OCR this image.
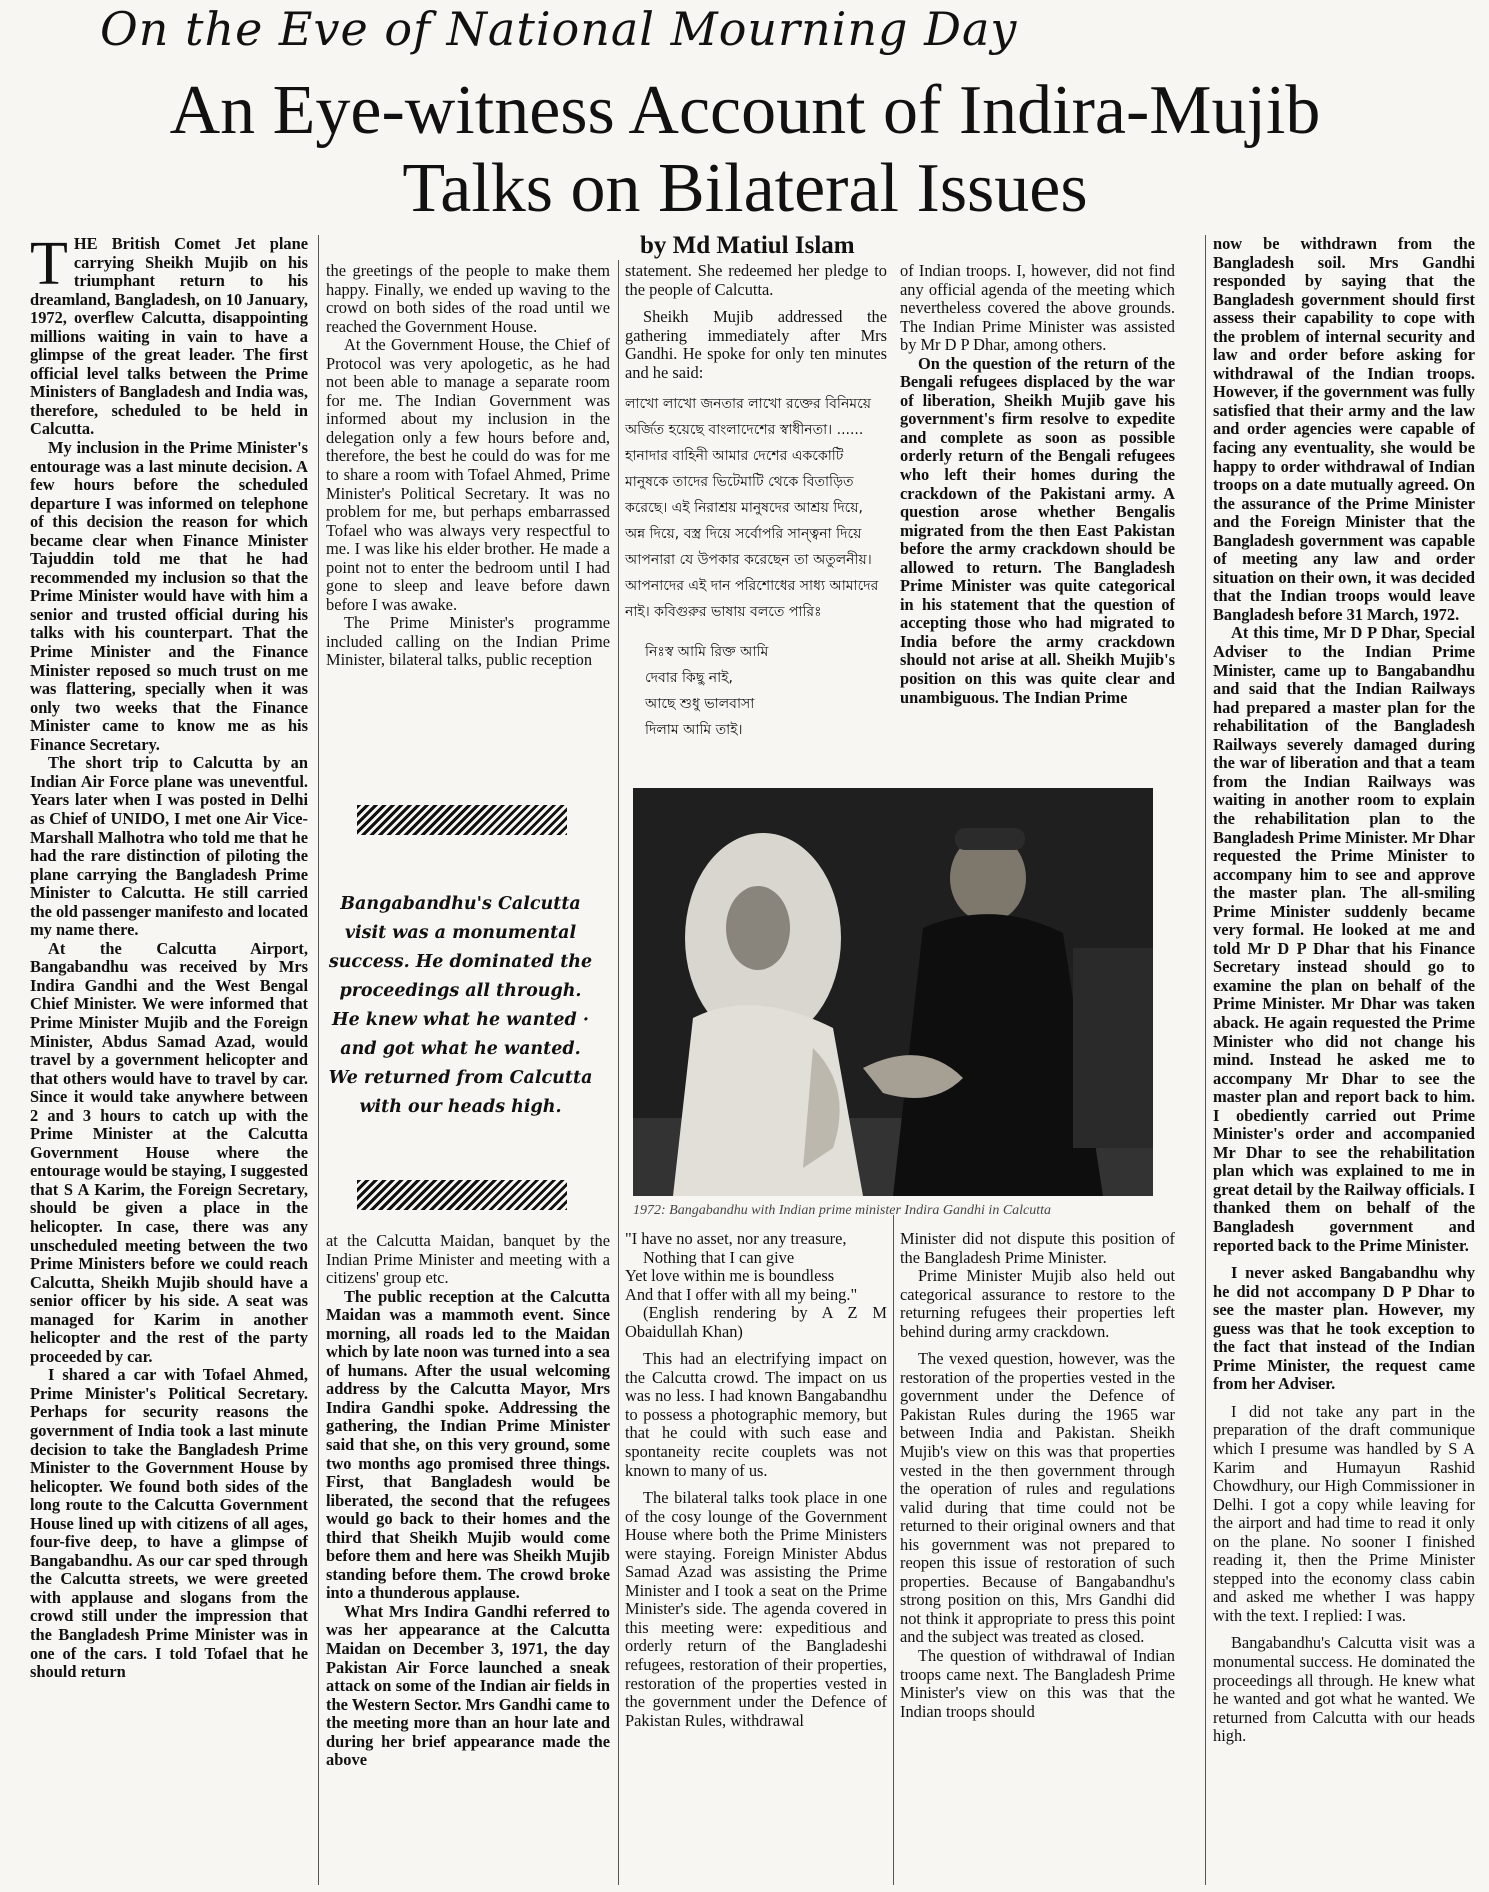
On the Eve of National Mourning Day
An Eye-witness Account of Indira-Mujib
Talks on Bilateral Issues
by Md Matiul Islam
T HE British Comet Jet plane carrying Sheikh Mujib on his triumphant return to his dreamland, Bangladesh, on 10 January, 1972, overflew Calcutta, disappointing millions waiting in vain to have a glimpse of the great leader. The first official level talks between the Prime Ministers of Bangladesh and India was, therefore, scheduled to be held in Calcutta.

My inclusion in the Prime Minister's entourage was a last minute decision. A few hours before the scheduled departure I was informed on telephone of this decision the reason for which became clear when Finance Minister Tajuddin told me that he had recommended my inclusion so that the Prime Minister would have with him a senior and trusted official during his talks with his counterpart. That the Prime Minister and the Finance Minister reposed so much trust on me was flattering, specially when it was only two weeks that the Finance Minister came to know me as his Finance Secretary.

The short trip to Calcutta by an Indian Air Force plane was uneventful. Years later when I was posted in Delhi as Chief of UNIDO, I met one Air Vice-Marshall Malhotra who told me that he had the rare distinction of piloting the plane carrying the Bangladesh Prime Minister to Calcutta. He still carried the old passenger manifesto and located my name there.

At the Calcutta Airport, Bangabandhu was received by Mrs Indira Gandhi and the West Bengal Chief Minister. We were informed that Prime Minister Mujib and the Foreign Minister, Abdus Samad Azad, would travel by a government helicopter and that others would have to travel by car. Since it would take anywhere between 2 and 3 hours to catch up with the Prime Minister at the Calcutta Government House where the entourage would be staying, I suggested that S A Karim, the Foreign Secretary, should be given a place in the helicopter. In case, there was any unscheduled meeting between the two Prime Ministers before we could reach Calcutta, Sheikh Mujib should have a senior officer by his side. A seat was managed for Karim in another helicopter and the rest of the party proceeded by car.

I shared a car with Tofael Ahmed, Prime Minister's Political Secretary. Perhaps for security reasons the government of India took a last minute decision to take the Bangladesh Prime Minister to the Government House by helicopter. We found both sides of the long route to the Calcutta Government House lined up with citizens of all ages, four-five deep, to have a glimpse of Bangabandhu. As our car sped through the Calcutta streets, we were greeted with applause and slogans from the crowd still under the impression that the Bangladesh Prime Minister was in one of the cars. I told Tofael that he should return

the greetings of the people to make them happy. Finally, we ended up waving to the crowd on both sides of the road until we reached the Government House.

At the Government House, the Chief of Protocol was very apologetic, as he had not been able to manage a separate room for me. The Indian Government was informed about my inclusion in the delegation only a few hours before and, therefore, the best he could do was for me to share a room with Tofael Ahmed, Prime Minister's Political Secretary. It was no problem for me, but perhaps embarrassed Tofael who was always very respectful to me. I was like his elder brother. He made a point not to enter the bedroom until I had gone to sleep and leave before dawn before I was awake.

The Prime Minister's programme included calling on the Indian Prime Minister, bilateral talks, public reception

Bangabandhu's Calcutta visit was a monumental success. He dominated the proceedings all through. He knew what he wanted · and got what he wanted. We returned from Calcutta with our heads high.

at the Calcutta Maidan, banquet by the Indian Prime Minister and meeting with a citizens' group etc.

The public reception at the Calcutta Maidan was a mammoth event. Since morning, all roads led to the Maidan which by late noon was turned into a sea of humans. After the usual welcoming address by the Calcutta Mayor, Mrs Indira Gandhi spoke. Addressing the gathering, the Indian Prime Minister said that she, on this very ground, some two months ago promised three things. First, that Bangladesh would be liberated, the second that the refugees would go back to their homes and the third that Sheikh Mujib would come before them and here was Sheikh Mujib standing before them. The crowd broke into a thunderous applause.

What Mrs Indira Gandhi referred to was her appearance at the Calcutta Maidan on December 3, 1971, the day Pakistan Air Force launched a sneak attack on some of the Indian air fields in the Western Sector. Mrs Gandhi came to the meeting more than an hour late and during her brief appearance made the above

statement. She redeemed her pledge to the people of Calcutta.

Sheikh Mujib addressed the gathering immediately after Mrs Gandhi. He spoke for only ten minutes and he said:

লাখো লাখো জনতার লাখো রক্তের বিনিময়ে অর্জিত হয়েছে বাংলাদেশের স্বাধীনতা। ...... হানাদার বাহিনী আমার দেশের এককোটি মানুষকে তাদের ভিটেমাটি থেকে বিতাড়িত করেছে। এই নিরাশ্রয় মানুষদের আশ্রয় দিয়ে, অন্ন দিয়ে, বস্ত্র দিয়ে সর্বোপরি সান্ত্বনা দিয়ে আপনারা যে উপকার করেছেন তা অতুলনীয়। আপনাদের এই দান পরিশোধের সাধ্য আমাদের নাই। কবিগুরুর ভাষায় বলতে পারিঃ

নিঃস্ব আমি রিক্ত আমি
দেবার কিছু নাই,
আছে শুধু ভালবাসা
দিলাম আমি তাই।

of Indian troops. I, however, did not find any official agenda of the meeting which nevertheless covered the above grounds. The Indian Prime Minister was assisted by Mr D P Dhar, among others.

On the question of the return of the Bengali refugees displaced by the war of liberation, Sheikh Mujib gave his government's firm resolve to expedite and complete as soon as possible orderly return of the Bengali refugees who left their homes during the crackdown of the Pakistani army. A question arose whether Bengalis migrated from the then East Pakistan before the army crackdown should be allowed to return. The Bangladesh Prime Minister was quite categorical in his statement that the question of accepting those who had migrated to India before the army crackdown should not arise at all. Sheikh Mujib's position on this was quite clear and unambiguous. The Indian Prime

1972: Bangabandhu with Indian prime minister Indira Gandhi in Calcutta

"I have no asset, nor any treasure,

Nothing that I can give

Yet love within me is boundless

And that I offer with all my being."

(English rendering by A Z M Obaidullah Khan)

This had an electrifying impact on the Calcutta crowd. The impact on us was no less. I had known Bangabandhu to possess a photographic memory, but that he could with such ease and spontaneity recite couplets was not known to many of us.

The bilateral talks took place in one of the cosy lounge of the Government House where both the Prime Ministers were staying. Foreign Minister Abdus Samad Azad was assisting the Prime Minister and I took a seat on the Prime Minister's side. The agenda covered in this meeting were: expeditious and orderly return of the Bangladeshi refugees, restoration of their properties, restoration of the properties vested in the government under the Defence of Pakistan Rules, withdrawal

Minister did not dispute this position of the Bangladesh Prime Minister.

Prime Minister Mujib also held out categorical assurance to restore to the returning refugees their properties left behind during army crackdown.

The vexed question, however, was the restoration of the properties vested in the government under the Defence of Pakistan Rules during the 1965 war between India and Pakistan. Sheikh Mujib's view on this was that properties vested in the then government through the operation of rules and regulations valid during that time could not be returned to their original owners and that his government was not prepared to reopen this issue of restoration of such properties. Because of Bangabandhu's strong position on this, Mrs Gandhi did not think it appropriate to press this point and the subject was treated as closed.

The question of withdrawal of Indian troops came next. The Bangladesh Prime Minister's view on this was that the Indian troops should

now be withdrawn from the Bangladesh soil. Mrs Gandhi responded by saying that the Bangladesh government should first assess their capability to cope with the problem of internal security and law and order before asking for withdrawal of the Indian troops. However, if the government was fully satisfied that their army and the law and order agencies were capable of facing any eventuality, she would be happy to order withdrawal of Indian troops on a date mutually agreed. On the assurance of the Prime Minister and the Foreign Minister that the Bangladesh government was capable of meeting any law and order situation on their own, it was decided that the Indian troops would leave Bangladesh before 31 March, 1972.

At this time, Mr D P Dhar, Special Adviser to the Indian Prime Minister, came up to Bangabandhu and said that the Indian Railways had prepared a master plan for the rehabilitation of the Bangladesh Railways severely damaged during the war of liberation and that a team from the Indian Railways was waiting in another room to explain the rehabilitation plan to the Bangladesh Prime Minister. Mr Dhar requested the Prime Minister to accompany him to see and approve the master plan. The all-smiling Prime Minister suddenly became very formal. He looked at me and told Mr D P Dhar that his Finance Secretary instead should go to examine the plan on behalf of the Prime Minister. Mr Dhar was taken aback. He again requested the Prime Minister who did not change his mind. Instead he asked me to accompany Mr Dhar to see the master plan and report back to him. I obediently carried out Prime Minister's order and accompanied Mr Dhar to see the rehabilitation plan which was explained to me in great detail by the Railway officials. I thanked them on behalf of the Bangladesh government and reported back to the Prime Minister.

I never asked Bangabandhu why he did not accompany D P Dhar to see the master plan. However, my guess was that he took exception to the fact that instead of the Indian Prime Minister, the request came from her Adviser.

I did not take any part in the preparation of the draft communique which I presume was handled by S A Karim and Humayun Rashid Chowdhury, our High Commissioner in Delhi. I got a copy while leaving for the airport and had time to read it only on the plane. No sooner I finished reading it, then the Prime Minister stepped into the economy class cabin and asked me whether I was happy with the text. I replied: I was.

Bangabandhu's Calcutta visit was a monumental success. He dominated the proceedings all through. He knew what he wanted and got what he wanted. We returned from Calcutta with our heads high.
